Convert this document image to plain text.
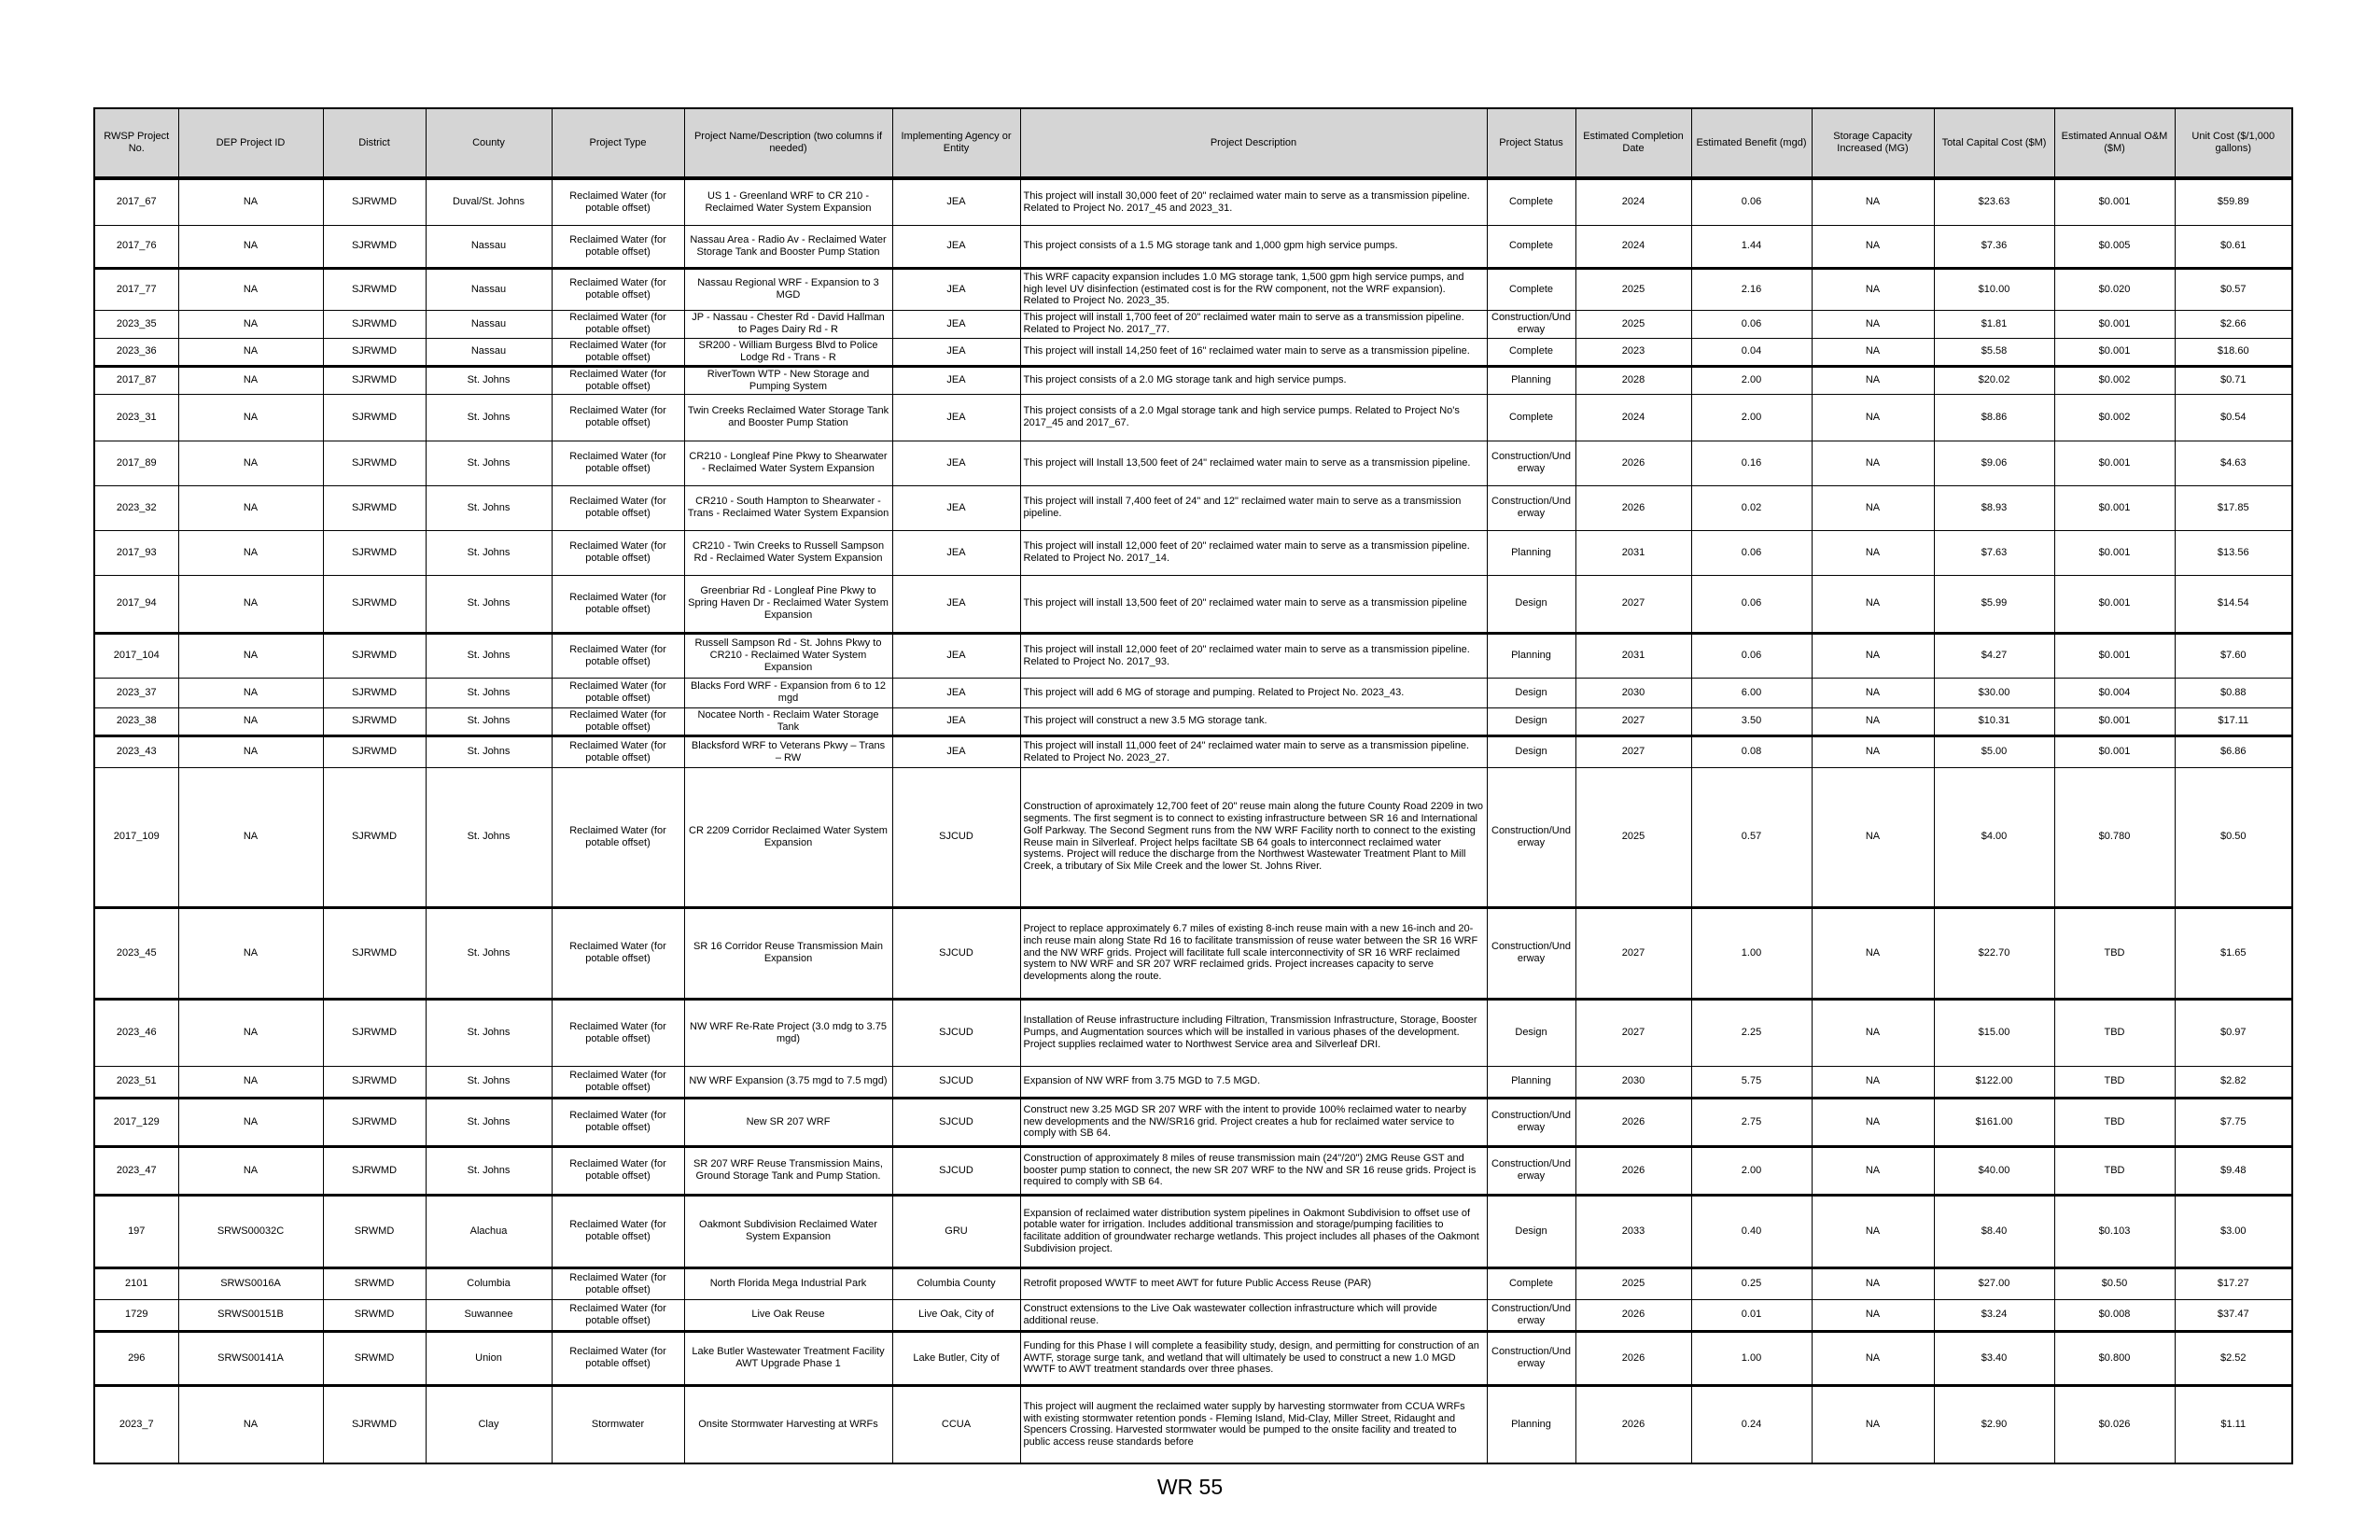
RWSP Project No.	DEP Project ID	District	County	Project Type	Project Name/Description (two columns if needed)	Implementing Agency or Entity	Project Description	Project Status	Estimated Completion Date	Estimated Benefit (mgd)	Storage Capacity Increased (MG)	Total Capital Cost ($M)	Estimated Annual O&M ($M)	Unit Cost ($/1,000 gallons)
2017_67	NA	SJRWMD	Duval/St. Johns	Reclaimed Water (for potable offset)	US 1 - Greenland WRF to CR 210 - Reclaimed Water System Expansion	JEA	This project will install 30,000 feet of 20" reclaimed water main to serve as a transmission pipeline. Related to Project No. 2017_45 and 2023_31.	Complete	2024	0.06	NA	$23.63	$0.001	$59.89
2017_76	NA	SJRWMD	Nassau	Reclaimed Water (for potable offset)	Nassau Area - Radio Av - Reclaimed Water Storage Tank and Booster Pump Station	JEA	This project consists of a 1.5 MG storage tank and 1,000 gpm high service pumps.	Complete	2024	1.44	NA	$7.36	$0.005	$0.61
2017_77	NA	SJRWMD	Nassau	Reclaimed Water (for potable offset)	Nassau Regional WRF - Expansion to 3 MGD	JEA	This WRF capacity expansion includes 1.0 MG storage tank, 1,500 gpm high service pumps, and high level UV disinfection (estimated cost is for the RW component, not the WRF expansion). Related to Project No. 2023_35.	Complete	2025	2.16	NA	$10.00	$0.020	$0.57
2023_35	NA	SJRWMD	Nassau	Reclaimed Water (for potable offset)	JP - Nassau - Chester Rd - David Hallman to Pages Dairy Rd - R	JEA	This project will install 1,700 feet of 20" reclaimed water main to serve as a transmission pipeline. Related to Project No. 2017_77.	Construction/Underway	2025	0.06	NA	$1.81	$0.001	$2.66
2023_36	NA	SJRWMD	Nassau	Reclaimed Water (for potable offset)	SR200 - William Burgess Blvd to Police Lodge Rd - Trans - R	JEA	This project will install 14,250 feet of 16" reclaimed water main to serve as a transmission pipeline.	Complete	2023	0.04	NA	$5.58	$0.001	$18.60
2017_87	NA	SJRWMD	St. Johns	Reclaimed Water (for potable offset)	RiverTown WTP - New Storage and Pumping System	JEA	This project consists of a 2.0 MG storage tank and high service pumps.	Planning	2028	2.00	NA	$20.02	$0.002	$0.71
2023_31	NA	SJRWMD	St. Johns	Reclaimed Water (for potable offset)	Twin Creeks Reclaimed Water Storage Tank and Booster Pump Station	JEA	This project consists of a 2.0 Mgal storage tank and high service pumps. Related to Project No's 2017_45 and 2017_67.	Complete	2024	2.00	NA	$8.86	$0.002	$0.54
2017_89	NA	SJRWMD	St. Johns	Reclaimed Water (for potable offset)	CR210 - Longleaf Pine Pkwy to Shearwater - Reclaimed Water System Expansion	JEA	This project will Install 13,500 feet of 24" reclaimed water main to serve as a transmission pipeline.	Construction/Underway	2026	0.16	NA	$9.06	$0.001	$4.63
2023_32	NA	SJRWMD	St. Johns	Reclaimed Water (for potable offset)	CR210 - South Hampton to Shearwater - Trans - Reclaimed Water System Expansion	JEA	This project will install 7,400 feet of 24" and 12" reclaimed water main to serve as a transmission pipeline.	Construction/Underway	2026	0.02	NA	$8.93	$0.001	$17.85
2017_93	NA	SJRWMD	St. Johns	Reclaimed Water (for potable offset)	CR210 - Twin Creeks to Russell Sampson Rd - Reclaimed Water System Expansion	JEA	This project will install 12,000 feet of 20" reclaimed water main to serve as a transmission pipeline. Related to Project No. 2017_14.	Planning	2031	0.06	NA	$7.63	$0.001	$13.56
2017_94	NA	SJRWMD	St. Johns	Reclaimed Water (for potable offset)	Greenbriar Rd - Longleaf Pine Pkwy to Spring Haven Dr - Reclaimed Water System Expansion	JEA	This project will install 13,500 feet of 20" reclaimed water main to serve as a transmission pipeline	Design	2027	0.06	NA	$5.99	$0.001	$14.54
2017_104	NA	SJRWMD	St. Johns	Reclaimed Water (for potable offset)	Russell Sampson Rd - St. Johns Pkwy to CR210 - Reclaimed Water System Expansion	JEA	This project will install 12,000 feet of 20" reclaimed water main to serve as a transmission pipeline. Related to Project No. 2017_93.	Planning	2031	0.06	NA	$4.27	$0.001	$7.60
2023_37	NA	SJRWMD	St. Johns	Reclaimed Water (for potable offset)	Blacks Ford WRF - Expansion from 6 to 12 mgd	JEA	This project will add 6 MG of storage and pumping. Related to Project No. 2023_43.	Design	2030	6.00	NA	$30.00	$0.004	$0.88
2023_38	NA	SJRWMD	St. Johns	Reclaimed Water (for potable offset)	Nocatee North - Reclaim Water Storage Tank	JEA	This project will construct a new 3.5 MG storage tank.	Design	2027	3.50	NA	$10.31	$0.001	$17.11
2023_43	NA	SJRWMD	St. Johns	Reclaimed Water (for potable offset)	Blacksford WRF to Veterans Pkwy – Trans – RW	JEA	This project will install 11,000 feet of 24" reclaimed water main to serve as a transmission pipeline. Related to Project No. 2023_27.	Design	2027	0.08	NA	$5.00	$0.001	$6.86
2017_109	NA	SJRWMD	St. Johns	Reclaimed Water (for potable offset)	CR 2209 Corridor Reclaimed Water System Expansion	SJCUD	Construction of aproximately 12,700 feet of 20" reuse main along the future County Road 2209 in two segments. The first segment is to connect to existing infrastructure between SR 16 and International Golf Parkway. The Second Segment runs from the NW WRF Facility north to connect to the existing Reuse main in Silverleaf. Project helps faciltate SB 64 goals to interconnect reclaimed water systems. Project will reduce the discharge from the Northwest Wastewater Treatment Plant to Mill Creek, a tributary of Six Mile Creek and the lower St. Johns River.	Construction/Underway	2025	0.57	NA	$4.00	$0.780	$0.50
2023_45	NA	SJRWMD	St. Johns	Reclaimed Water (for potable offset)	SR 16 Corridor Reuse Transmission Main Expansion	SJCUD	Project to replace approximately 6.7 miles of existing 8-inch reuse main with a new 16-inch and 20-inch reuse main along State Rd 16 to facilitate transmission of reuse water between the SR 16 WRF and the NW WRF grids. Project will facilitate full scale interconnectivity of SR 16 WRF reclaimed system to NW WRF and SR 207 WRF reclaimed grids. Project increases capacity to serve developments along the route.	Construction/Underway	2027	1.00	NA	$22.70	TBD	$1.65
2023_46	NA	SJRWMD	St. Johns	Reclaimed Water (for potable offset)	NW WRF Re-Rate Project (3.0 mdg to 3.75 mgd)	SJCUD	Installation of Reuse infrastructure including Filtration, Transmission Infrastructure, Storage, Booster Pumps, and Augmentation sources which will be installed in various phases of the development. Project supplies reclaimed water to Northwest Service area and Silverleaf DRI.	Design	2027	2.25	NA	$15.00	TBD	$0.97
2023_51	NA	SJRWMD	St. Johns	Reclaimed Water (for potable offset)	NW WRF Expansion (3.75 mgd to 7.5 mgd)	SJCUD	Expansion of NW WRF from 3.75 MGD to 7.5 MGD.	Planning	2030	5.75	NA	$122.00	TBD	$2.82
2017_129	NA	SJRWMD	St. Johns	Reclaimed Water (for potable offset)	New SR 207 WRF	SJCUD	Construct new 3.25 MGD SR 207 WRF with the intent to provide 100% reclaimed water to nearby new developments and the NW/SR16 grid. Project creates a hub for reclaimed water service to comply with SB 64.	Construction/Underway	2026	2.75	NA	$161.00	TBD	$7.75
2023_47	NA	SJRWMD	St. Johns	Reclaimed Water (for potable offset)	SR 207 WRF Reuse Transmission Mains, Ground Storage Tank and Pump Station.	SJCUD	Construction of approximately 8 miles of reuse transmission main (24"/20") 2MG Reuse GST and booster pump station to connect, the new SR 207 WRF to the NW and SR 16 reuse grids. Project is required to comply with SB 64.	Construction/Underway	2026	2.00	NA	$40.00	TBD	$9.48
197	SRWS00032C	SRWMD	Alachua	Reclaimed Water (for potable offset)	Oakmont Subdivision Reclaimed Water System Expansion	GRU	Expansion of reclaimed water distribution system pipelines in Oakmont Subdivision to offset use of potable water for irrigation. Includes additional transmission and storage/pumping facilities to facilitate addition of groundwater recharge wetlands. This project includes all phases of the Oakmont Subdivision project.	Design	2033	0.40	NA	$8.40	$0.103	$3.00
2101	SRWS0016A	SRWMD	Columbia	Reclaimed Water (for potable offset)	North Florida Mega Industrial Park	Columbia County	Retrofit proposed WWTF to meet AWT for future Public Access Reuse (PAR)	Complete	2025	0.25	NA	$27.00	$0.50	$17.27
1729	SRWS00151B	SRWMD	Suwannee	Reclaimed Water (for potable offset)	Live Oak Reuse	Live Oak, City of	Construct extensions to the Live Oak wastewater collection infrastructure which will provide additional reuse.	Construction/Underway	2026	0.01	NA	$3.24	$0.008	$37.47
296	SRWS00141A	SRWMD	Union	Reclaimed Water (for potable offset)	Lake Butler Wastewater Treatment Facility AWT Upgrade Phase 1	Lake Butler, City of	Funding for this Phase I will complete a feasibility study, design, and permitting for construction of an AWTF, storage surge tank, and wetland that will ultimately be used to construct a new 1.0 MGD WWTF to AWT treatment standards over three phases.	Construction/Underway	2026	1.00	NA	$3.40	$0.800	$2.52
2023_7	NA	SJRWMD	Clay	Stormwater	Onsite Stormwater Harvesting at WRFs	CCUA	This project will augment the reclaimed water supply by harvesting stormwater from CCUA WRFs with existing stormwater retention ponds - Fleming Island, Mid-Clay, Miller Street, Ridaught and Spencers Crossing. Harvested stormwater would be pumped to the onsite facility and treated to public access reuse standards before	Planning	2026	0.24	NA	$2.90	$0.026	$1.11
WR 55
